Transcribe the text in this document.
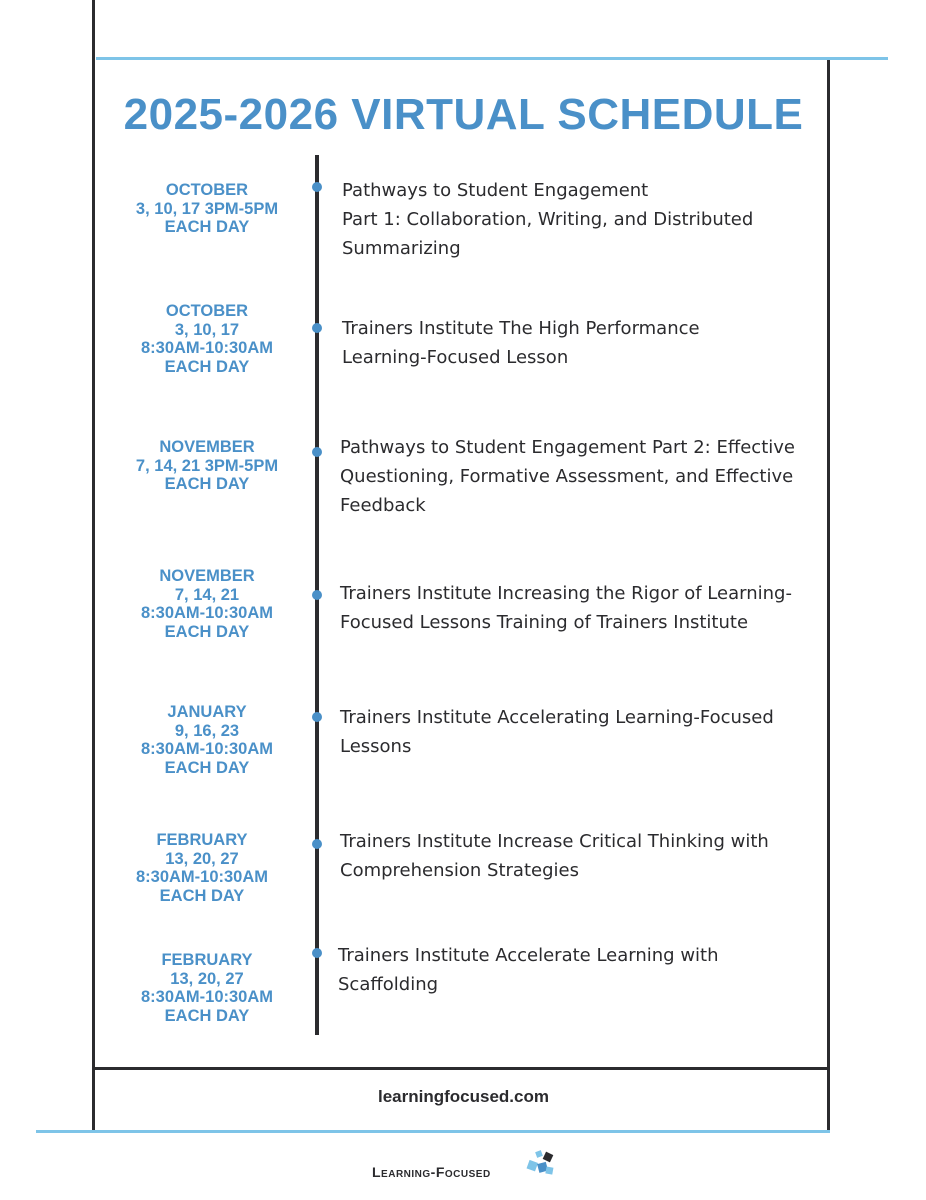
2025-2026 VIRTUAL SCHEDULE
OCTOBER
3, 10, 17 3PM-5PM
EACH DAY
Pathways to Student Engagement
Part 1: Collaboration, Writing, and Distributed
Summarizing
OCTOBER
3, 10, 17
8:30AM-10:30AM
EACH DAY
Trainers Institute The High Performance
Learning-Focused Lesson
NOVEMBER
7, 14, 21 3PM-5PM
EACH DAY
Pathways to Student Engagement Part 2: Effective
Questioning, Formative Assessment, and Effective
Feedback
NOVEMBER
7, 14, 21
8:30AM-10:30AM
EACH DAY
Trainers Institute Increasing the Rigor of Learning-
Focused Lessons Training of Trainers Institute
JANUARY
9, 16, 23
8:30AM-10:30AM
EACH DAY
Trainers Institute Accelerating Learning-Focused
Lessons
FEBRUARY
13, 20, 27
8:30AM-10:30AM
EACH DAY
Trainers Institute Increase Critical Thinking with
Comprehension Strategies
FEBRUARY
13, 20, 27
8:30AM-10:30AM
EACH DAY
Trainers Institute Accelerate Learning with
Scaffolding
learningfocused.com
Learning-Focused
